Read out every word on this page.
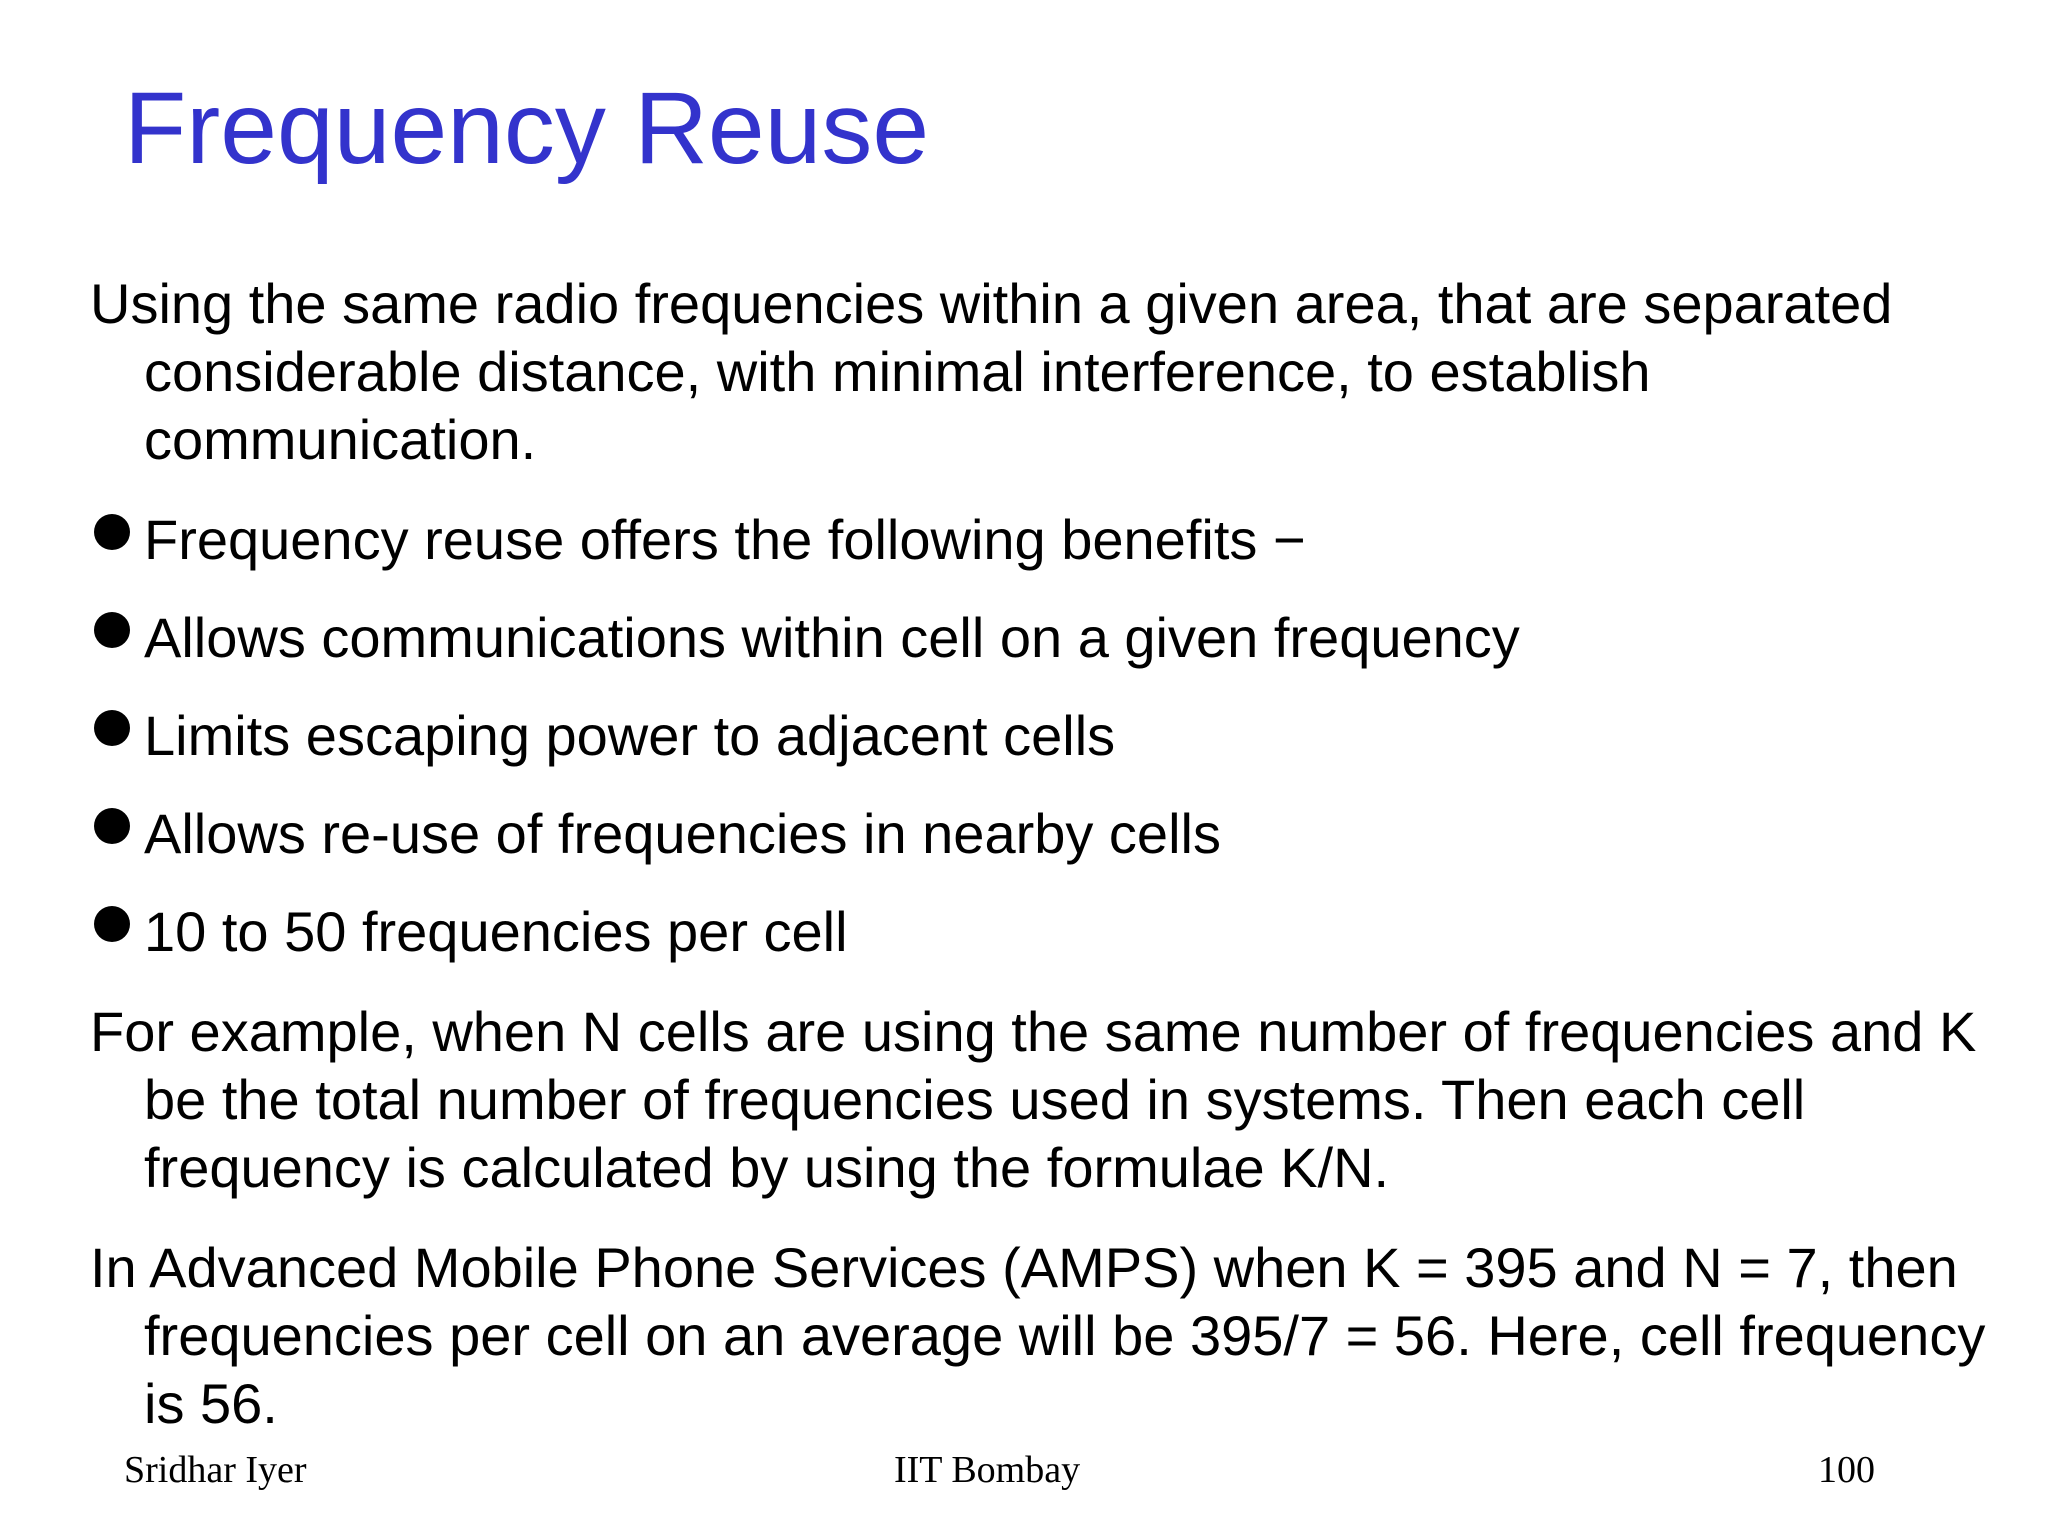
Frequency Reuse

Using the same radio frequencies within a given area, that are separated considerable distance, with minimal interference, to establish communication.

Frequency reuse offers the following benefits −
Allows communications within cell on a given frequency
Limits escaping power to adjacent cells
Allows re-use of frequencies in nearby cells
10 to 50 frequencies per cell

For example, when N cells are using the same number of frequencies and K be the total number of frequencies used in systems. Then each cell frequency is calculated by using the formulae K/N.

In Advanced Mobile Phone Services (AMPS) when K = 395 and N = 7, then frequencies per cell on an average will be 395/7 = 56. Here, cell frequency is 56.

Sridhar Iyer	IIT Bombay	100
